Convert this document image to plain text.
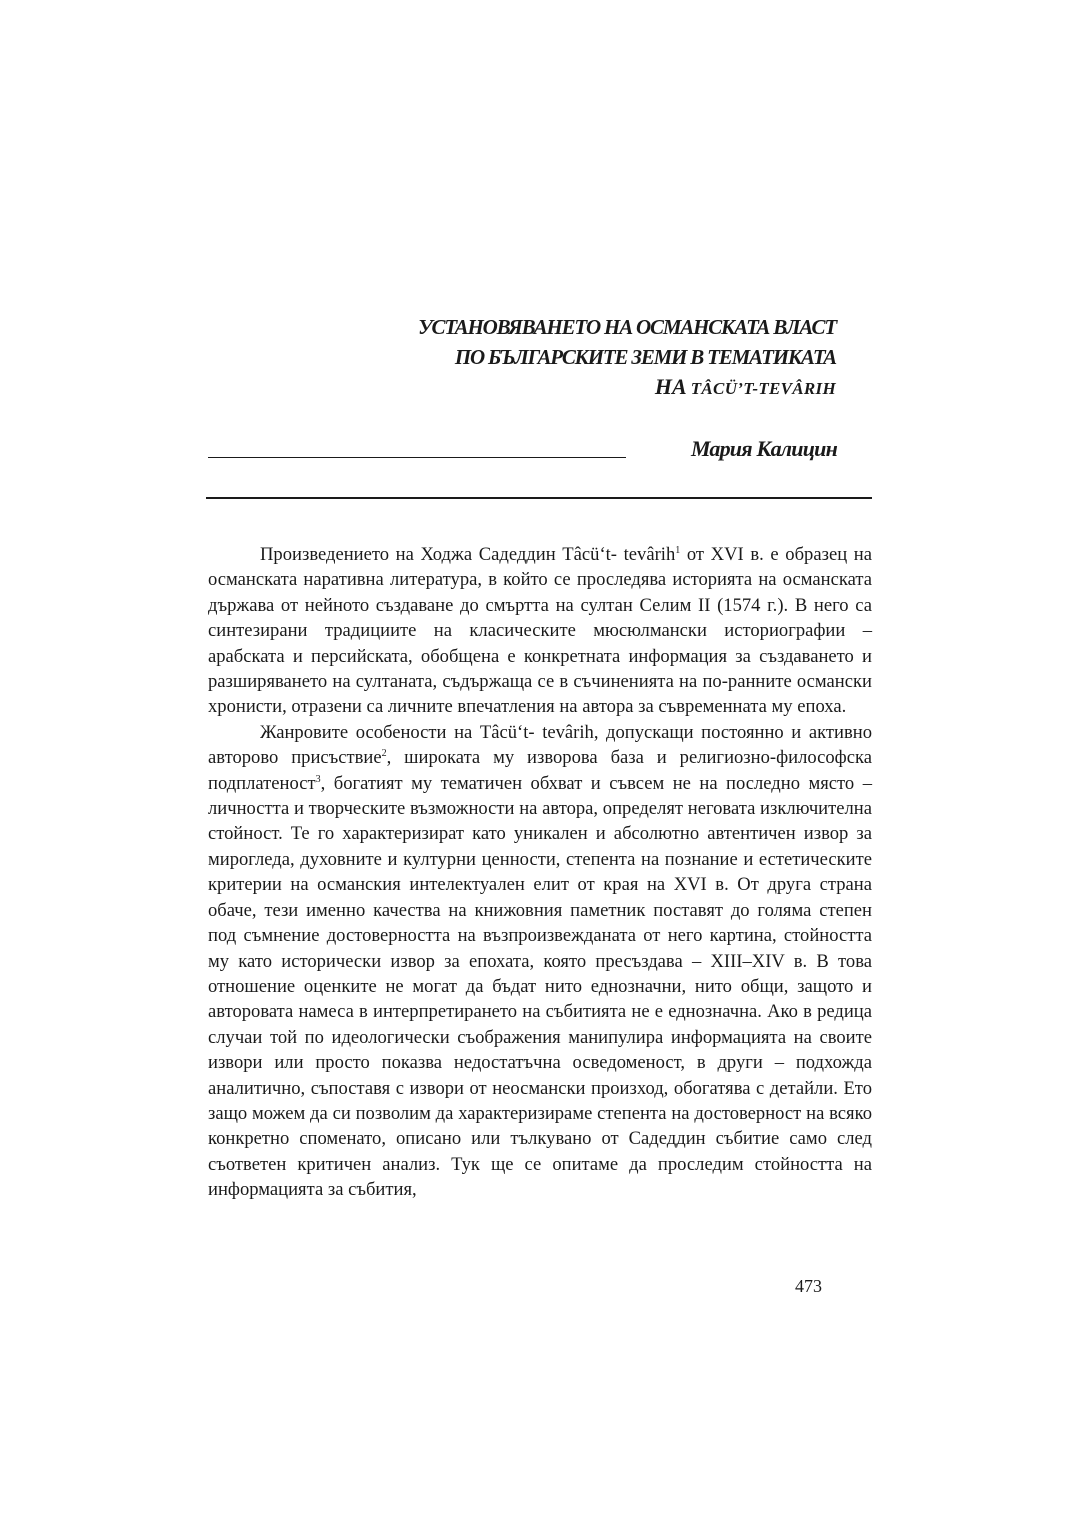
УСТАНОВЯВАНЕТО НА ОСМАНСКАТА ВЛАСТ
ПО БЪЛГАРСКИТЕ ЗЕМИ В ТЕМАТИКАТА
НА TÂCÜ’T-TEVÂRIH
Мария Калицин

Произведението на Ходжа Садеддин Tâcü‘t- tevârih$^1$ от XVI в. е образец на османската наративна литература, в който се проследява историята на османската държава от нейното създаване до смъртта на султан Селим II (1574 г.). В него са синтезирани традициите на класическите мюсюлмански историографии – арабската и персийската, обобщена е конкретната информация за създаването и разширяването на султаната, съдържаща се в съчиненията на по-ранните османски хронисти, отразени са личните впечатления на автора за съвременната му епоха.

Жанровите особености на Tâcü‘t- tevârih, допускащи постоянно и активно авторово присъствие$^2$, широката му изворова база и религиозно-философска подплатеност$^3$, богатият му тематичен обхват и съвсем не на последно място – личността и творческите възможности на автора, определят неговата изключителна стойност. Те го характеризират като уникален и абсолютно автентичен извор за мирогледа, духовните и културни ценности, степента на познание и естетическите критерии на османския интелектуален елит от края на XVI в. От друга страна обаче, тези именно качества на книжовния паметник поставят до голяма степен под съмнение достоверността на възпроизвежданата от него картина, стойността му като исторически извор за епохата, която пресъздава – XIII–XIV в. В това отношение оценките не могат да бъдат нито еднозначни, нито общи, защото и авторовата намеса в интерпретирането на събитията не е еднозначна. Ако в редица случаи той по идеологически съображения манипулира информацията на своите извори или просто показва недостатъчна осведоменост, в други – подхожда аналитично, съпоставя с извори от неосмански произход, обогатява с детайли. Ето защо можем да си позволим да характеризираме степента на достоверност на всяко конкретно споменато, описано или тълкувано от Садеддин събитие само след съответен критичен анализ. Тук ще се опитаме да проследим стойността на информацията за събития,

473
